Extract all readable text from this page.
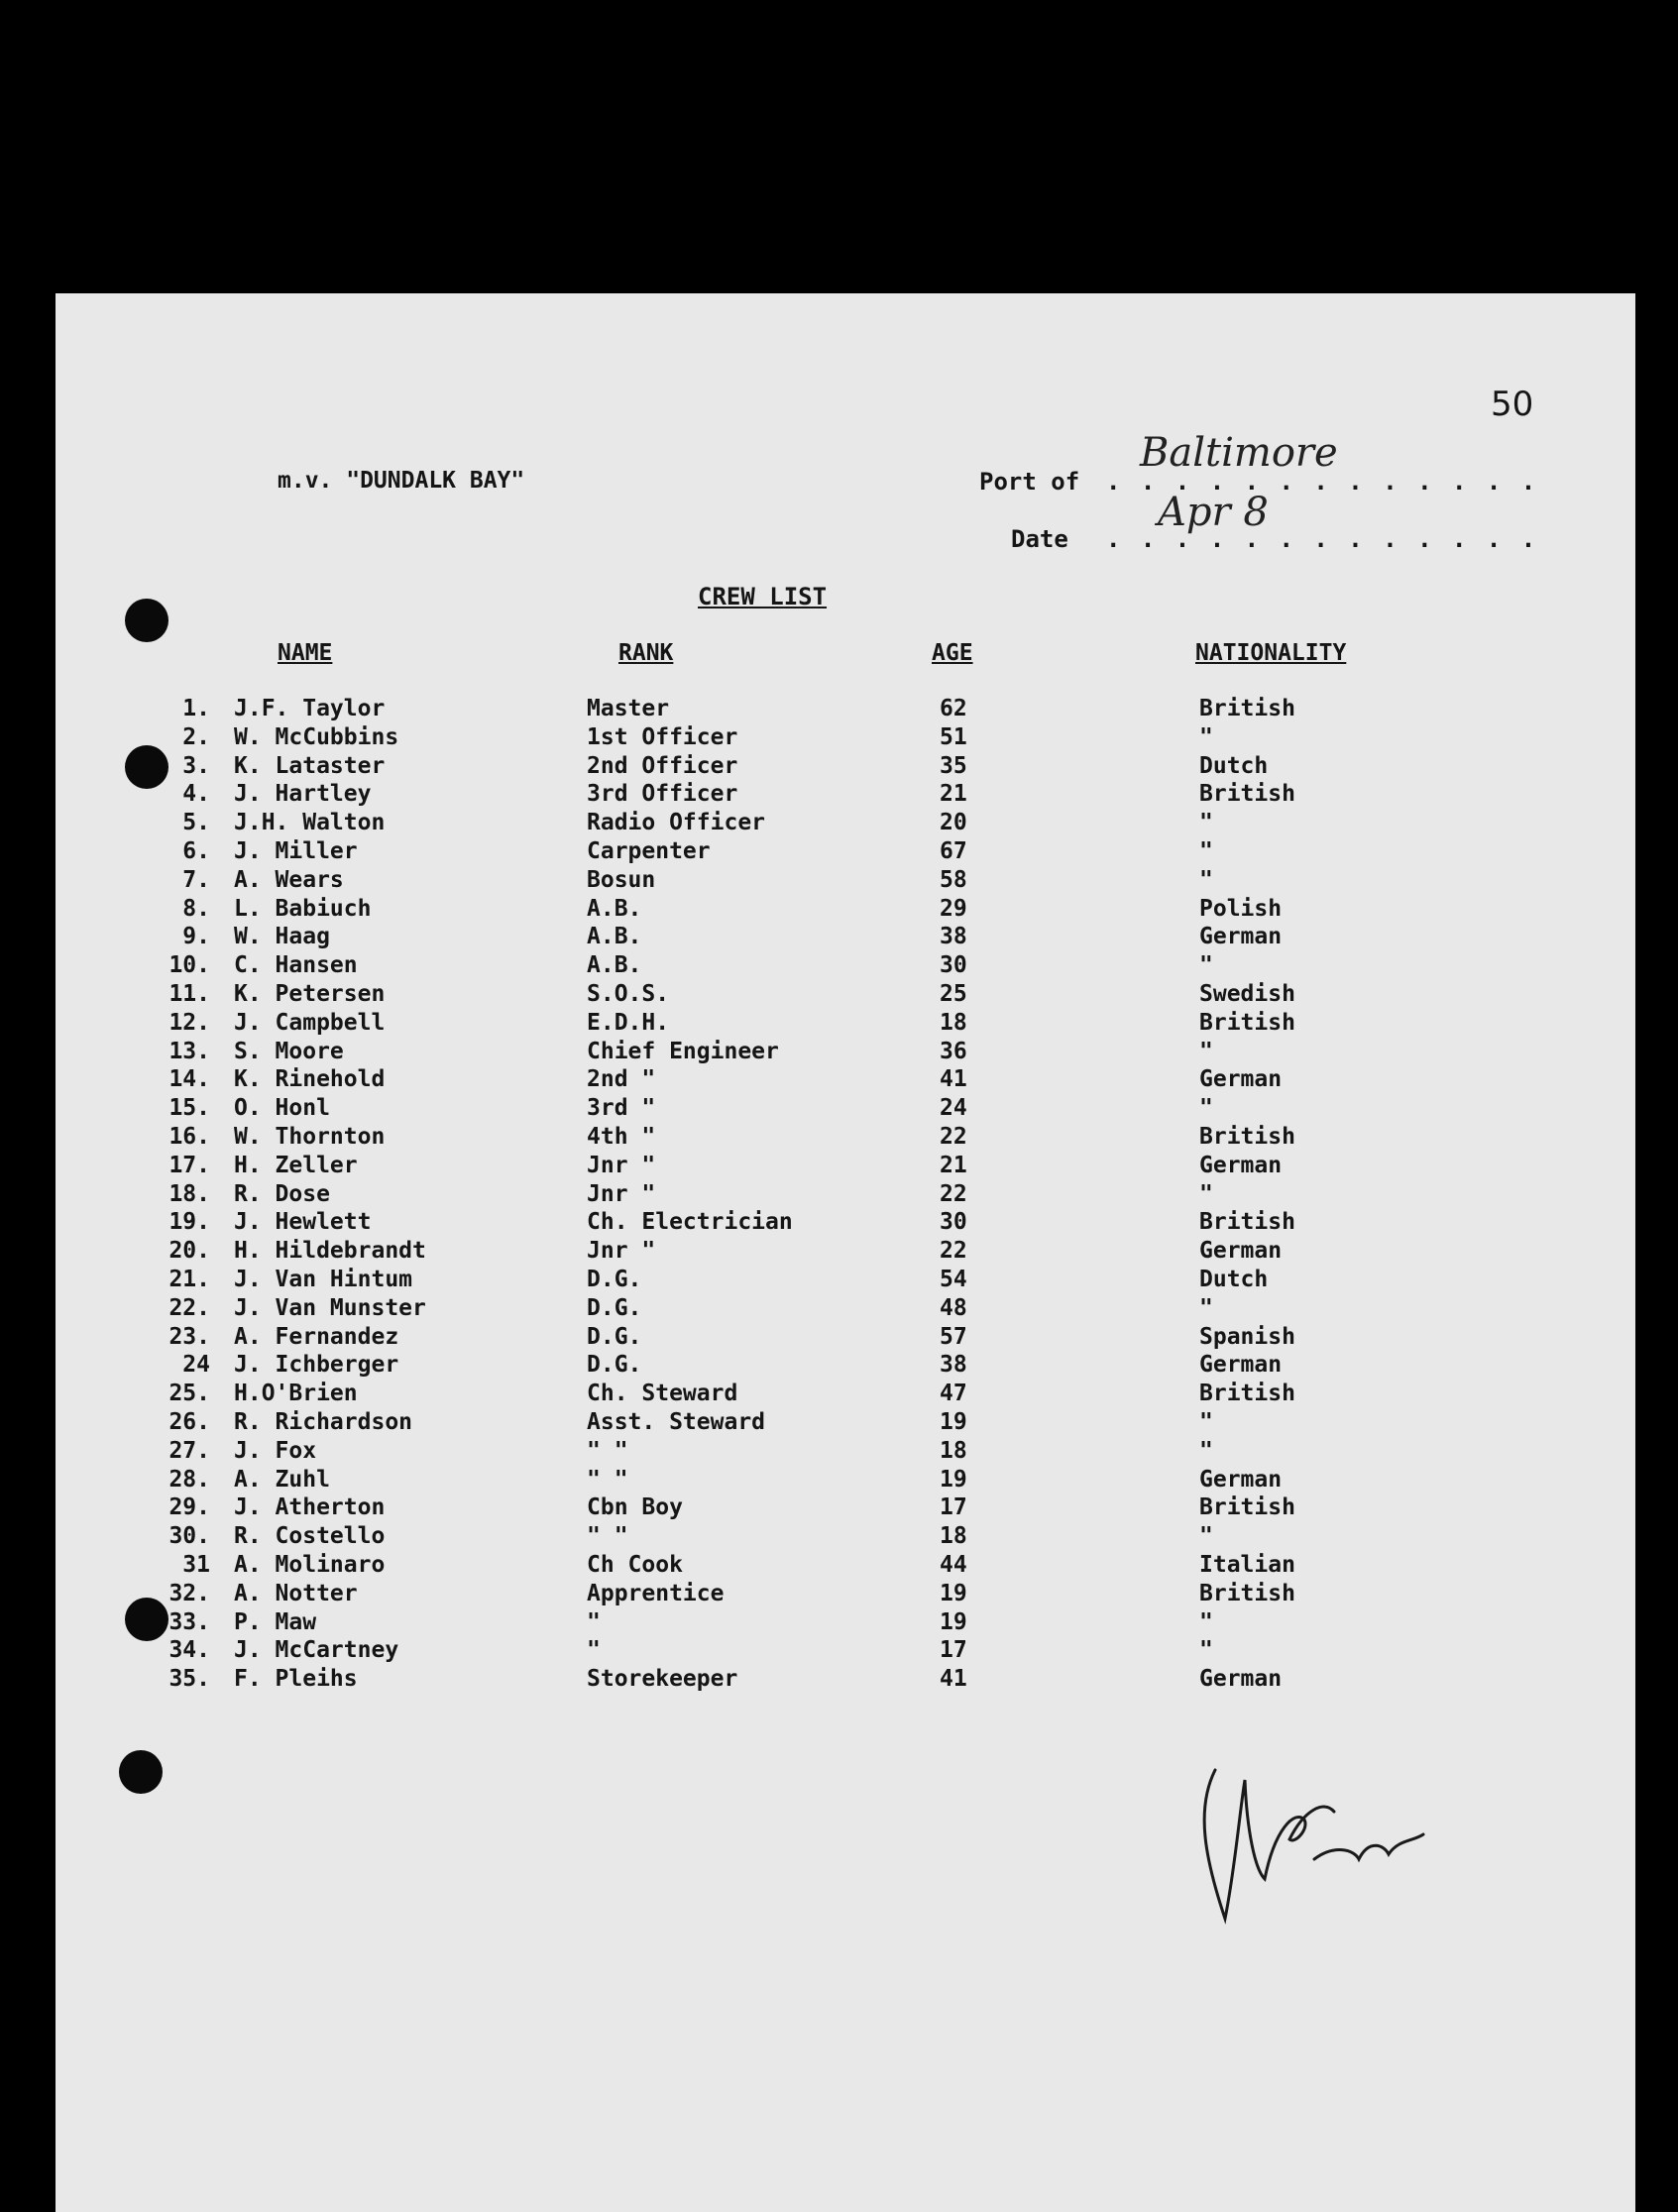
50
m.v. "DUNDALK BAY"	Port of . . . . . . . . . . . . .
Baltimore
Date . . . . . . . . . . . . .
Apr 8
CREW LIST
NAME	RANK	AGE	NATIONALITY
1. J.F. Taylor	Master	62	British
2. W. McCubbins	1st Officer	51	"
3. K. Lataster	2nd Officer	35	Dutch
4. J. Hartley	3rd Officer	21	British
5. J.H. Walton	Radio Officer	20	"
6. J. Miller	Carpenter	67	"
7. A. Wears	Bosun	58	"
8. L. Babiuch	A.B.	29	Polish
9. W. Haag	A.B.	38	German
10. C. Hansen	A.B.	30	"
11. K. Petersen	S.O.S.	25	Swedish
12. J. Campbell	E.D.H.	18	British
13. S. Moore	Chief Engineer	36	"
14. K. Rinehold	2nd "	41	German
15. O. Honl	3rd "	24	"
16. W. Thornton	4th "	22	British
17. H. Zeller	Jnr "	21	German
18. R. Dose	Jnr "	22	"
19. J. Hewlett	Ch. Electrician	30	British
20. H. Hildebrandt	Jnr "	22	German
21. J. Van Hintum	D.G.	54	Dutch
22. J. Van Munster	D.G.	48	"
23. A. Fernandez	D.G.	57	Spanish
24 J. Ichberger	D.G.	38	German
25. H.O'Brien	Ch. Steward	47	British
26. R. Richardson	Asst. Steward	19	"
27. J. Fox	" "	18	"
28. A. Zuhl	" "	19	German
29. J. Atherton	Cbn Boy	17	British
30. R. Costello	" "	18	"
31 A. Molinaro	Ch Cook	44	Italian
32. A. Notter	Apprentice	19	British
33. P. Maw	"	19	"
34. J. McCartney	"	17	"
35. F. Pleihs	Storekeeper	41	German
